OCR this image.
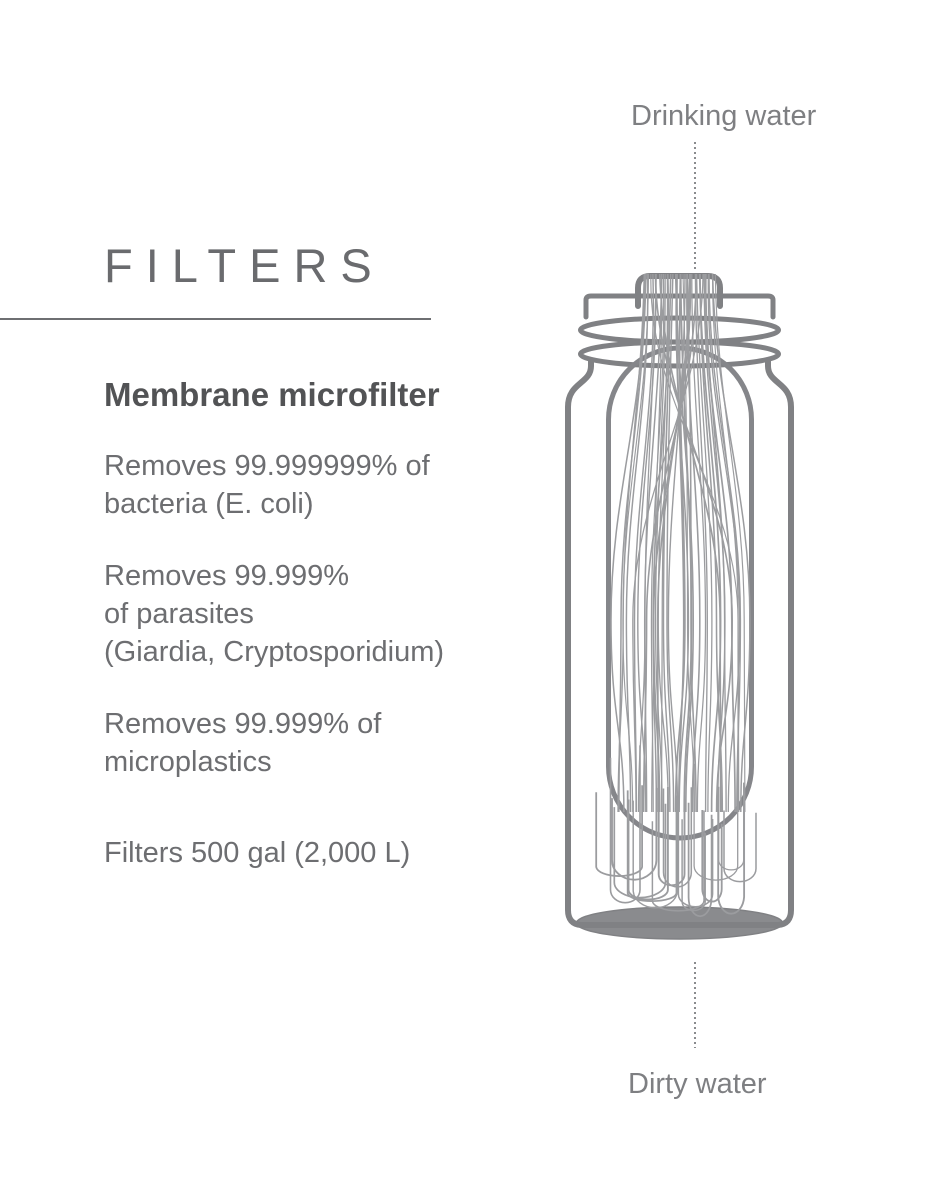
FILTERS
Membrane microfilter
Removes 99.999999% of
bacteria (E. coli)
Removes 99.999%
of parasites
(Giardia, Cryptosporidium)
Removes 99.999% of
microplastics
Filters 500 gal (2,000 L)
Drinking water
Dirty water
